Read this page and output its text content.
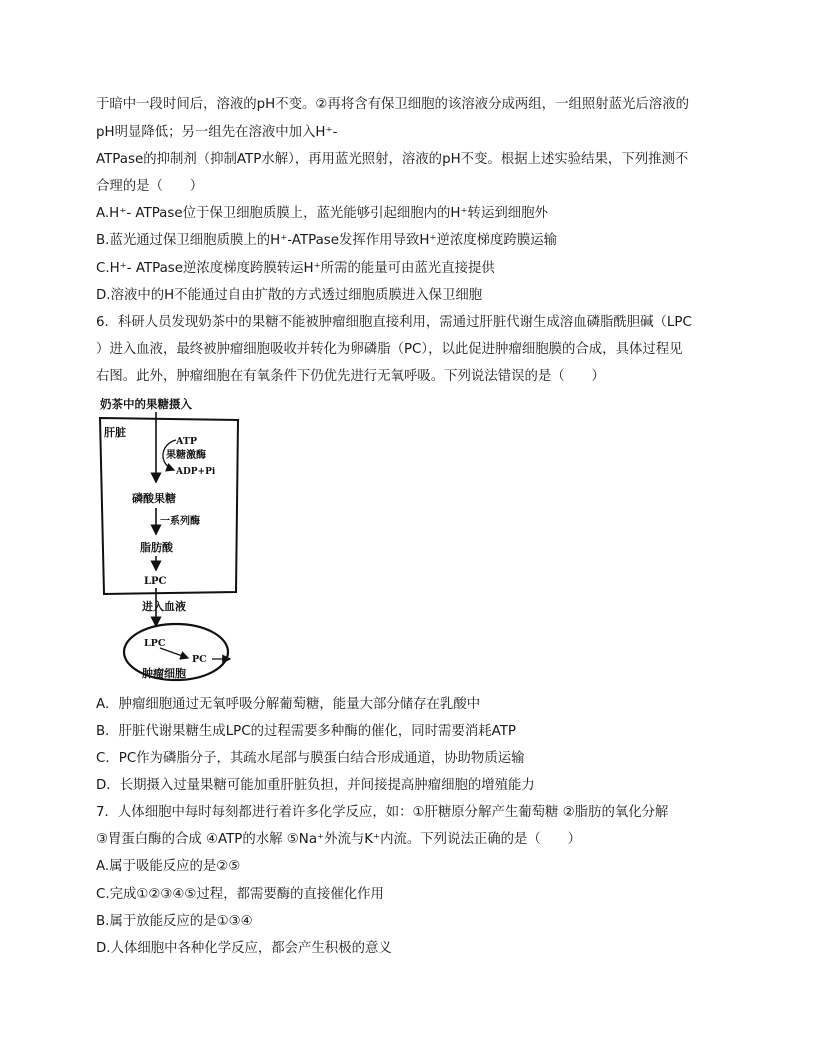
于暗中一段时间后，溶液的pH不变。②再将含有保卫细胞的该溶液分成两组，一组照射蓝光后溶液的
pH明显降低；另一组先在溶液中加入H⁺-
ATPase的抑制剂（抑制ATP水解），再用蓝光照射，溶液的pH不变。根据上述实验结果，下列推测不
合理的是（　　）
A.H⁺- ATPase位于保卫细胞质膜上，蓝光能够引起细胞内的H⁺转运到细胞外
B.蓝光通过保卫细胞质膜上的H⁺-ATPase发挥作用导致H⁺逆浓度梯度跨膜运输
C.H⁺- ATPase逆浓度梯度跨膜转运H⁺所需的能量可由蓝光直接提供
D.溶液中的H不能通过自由扩散的方式透过细胞质膜进入保卫细胞
6．科研人员发现奶茶中的果糖不能被肿瘤细胞直接利用，需通过肝脏代谢生成溶血磷脂酰胆碱（LPC
）进入血液，最终被肿瘤细胞吸收并转化为卵磷脂（PC），以此促进肿瘤细胞膜的合成，具体过程见
右图。此外，肿瘤细胞在有氧条件下仍优先进行无氧呼吸。下列说法错误的是（　　）
奶茶中的果糖摄入
肝脏
ATP
果糖激酶
ADP+Pi
磷酸果糖
一系列酶
脂肪酸
LPC
进入血液
LPC
PC
肿瘤细胞
A．肿瘤细胞通过无氧呼吸分解葡萄糖，能量大部分储存在乳酸中
B．肝脏代谢果糖生成LPC的过程需要多种酶的催化，同时需要消耗ATP
C．PC作为磷脂分子，其疏水尾部与膜蛋白结合形成通道，协助物质运输
D．长期摄入过量果糖可能加重肝脏负担，并间接提高肿瘤细胞的增殖能力
7．人体细胞中每时每刻都进行着许多化学反应，如：①肝糖原分解产生葡萄糖 ②脂肪的氧化分解
③胃蛋白酶的合成 ④ATP的水解 ⑤Na⁺外流与K⁺内流。下列说法正确的是（　　）
A.属于吸能反应的是②⑤
C.完成①②③④⑤过程，都需要酶的直接催化作用
B.属于放能反应的是①③④
D.人体细胞中各种化学反应，都会产生积极的意义
